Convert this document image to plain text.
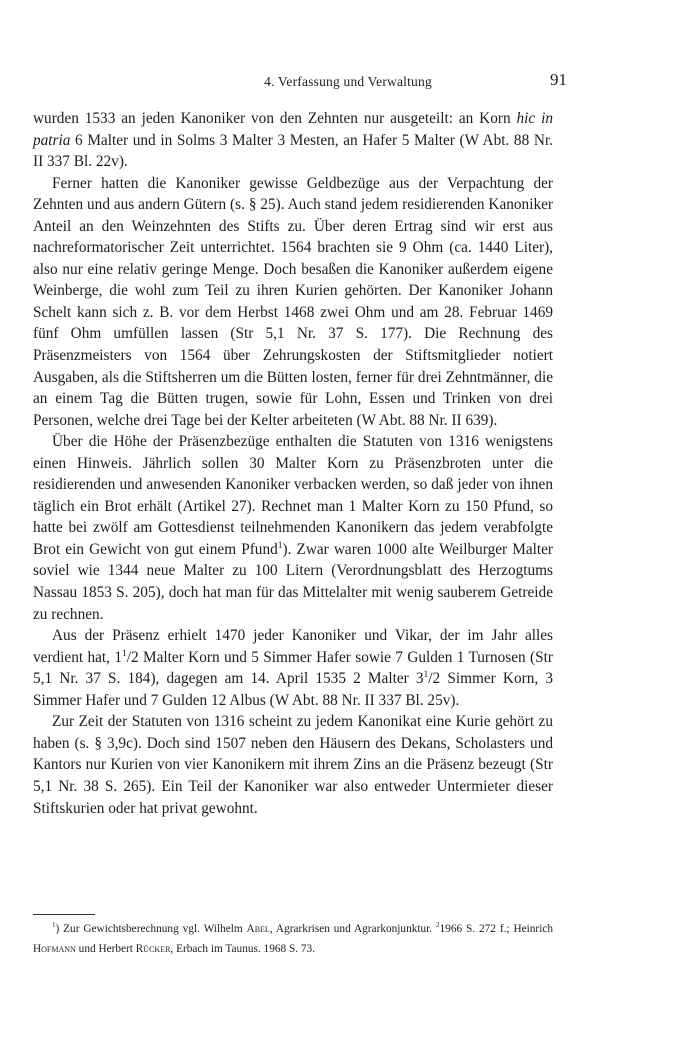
4. Verfassung und Verwaltung	91

wurden 1533 an jeden Kanoniker von den Zehnten nur ausgeteilt: an Korn hic in patria 6 Malter und in Solms 3 Malter 3 Mesten, an Hafer 5 Malter (W Abt. 88 Nr. II 337 Bl. 22v).

Ferner hatten die Kanoniker gewisse Geldbezüge aus der Verpachtung der Zehnten und aus andern Gütern (s. § 25). Auch stand jedem residierenden Kanoniker Anteil an den Weinzehnten des Stifts zu. Über deren Ertrag sind wir erst aus nachreformatorischer Zeit unterrichtet. 1564 brachten sie 9 Ohm (ca. 1440 Liter), also nur eine relativ geringe Menge. Doch besaßen die Kanoniker außerdem eigene Weinberge, die wohl zum Teil zu ihren Kurien gehörten. Der Kanoniker Johann Schelt kann sich z. B. vor dem Herbst 1468 zwei Ohm und am 28. Februar 1469 fünf Ohm umfüllen lassen (Str 5,1 Nr. 37 S. 177). Die Rechnung des Präsenzmeisters von 1564 über Zehrungskosten der Stiftsmitglieder notiert Ausgaben, als die Stiftsherren um die Bütten losten, ferner für drei Zehntmänner, die an einem Tag die Bütten trugen, sowie für Lohn, Essen und Trinken von drei Personen, welche drei Tage bei der Kelter arbeiteten (W Abt. 88 Nr. II 639).

Über die Höhe der Präsenzbezüge enthalten die Statuten von 1316 wenigstens einen Hinweis. Jährlich sollen 30 Malter Korn zu Präsenzbroten unter die residierenden und anwesenden Kanoniker verbacken werden, so daß jeder von ihnen täglich ein Brot erhält (Artikel 27). Rechnet man 1 Malter Korn zu 150 Pfund, so hatte bei zwölf am Gottesdienst teilnehmenden Kanonikern das jedem verabfolgte Brot ein Gewicht von gut einem Pfund$^1$). Zwar waren 1000 alte Weilburger Malter soviel wie 1344 neue Malter zu 100 Litern (Verordnungsblatt des Herzogtums Nassau 1853 S. 205), doch hat man für das Mittelalter mit wenig sauberem Getreide zu rechnen.

Aus der Präsenz erhielt 1470 jeder Kanoniker und Vikar, der im Jahr alles verdient hat, $1^1/2$ Malter Korn und 5 Simmer Hafer sowie 7 Gulden 1 Turnosen (Str 5,1 Nr. 37 S. 184), dagegen am 14. April 1535 2 Malter $3^1/2$ Simmer Korn, 3 Simmer Hafer und 7 Gulden 12 Albus (W Abt. 88 Nr. II 337 Bl. 25v).

Zur Zeit der Statuten von 1316 scheint zu jedem Kanonikat eine Kurie gehört zu haben (s. § 3,9c). Doch sind 1507 neben den Häusern des Dekans, Scholasters und Kantors nur Kurien von vier Kanonikern mit ihrem Zins an die Präsenz bezeugt (Str 5,1 Nr. 38 S. 265). Ein Teil der Kanoniker war also entweder Untermieter dieser Stiftskurien oder hat privat gewohnt.

$^1$) Zur Gewichtsberechnung vgl. Wilhelm Abel, Agrarkrisen und Agrarkonjunktur. $^2$1966 S. 272 f.; Heinrich Hofmann und Herbert Rücker, Erbach im Taunus. 1968 S. 73.
